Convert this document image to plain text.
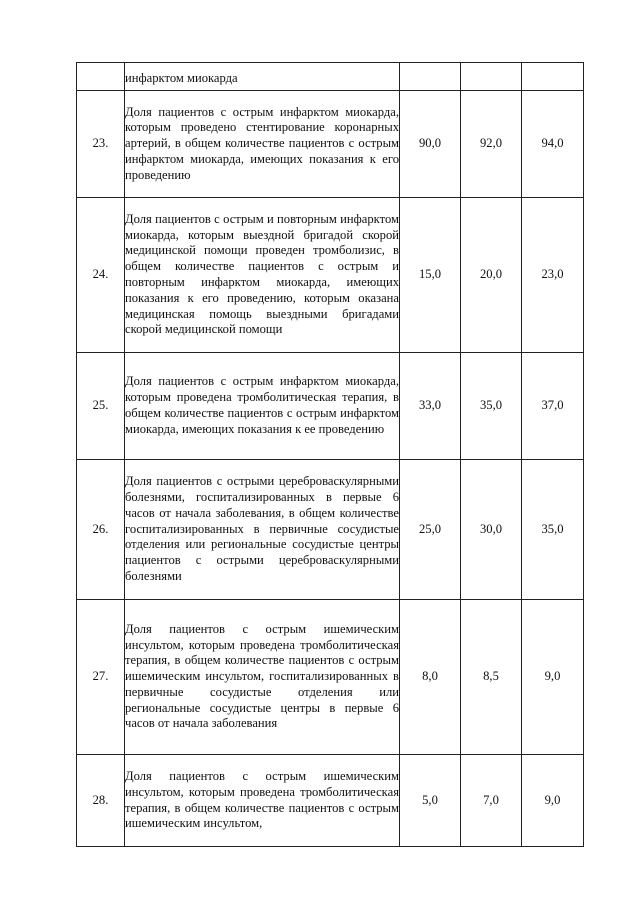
	инфарктом миокарда			

23.	Доля пациентов с острым инфарктом миокарда, которым проведено стентирование коронарных артерий, в общем количестве пациентов с острым инфарктом миокарда, имеющих показания к его проведению	90,0	92,0	94,0
24.	Доля пациентов с острым и повторным инфарктом миокарда, которым выездной бригадой скорой медицинской помощи проведен тромболизис, в общем количестве пациентов с острым и повторным инфарктом миокарда, имеющих показания к его проведению, которым оказана медицинская помощь выездными бригадами скорой медицинской помощи	15,0	20,0	23,0
25.	Доля пациентов с острым инфарктом миокарда, которым проведена тромболитическая терапия, в общем количестве пациентов с острым инфарктом миокарда, имеющих показания к ее проведению	33,0	35,0	37,0
26.	Доля пациентов с острыми цереброваскулярными болезнями, госпитализированных в первые 6 часов от начала заболевания, в общем количестве госпитализированных в первичные сосудистые отделения или региональные сосудистые центры пациентов с острыми цереброваскулярными болезнями	25,0	30,0	35,0
27.	Доля пациентов с острым ишемическим инсультом, которым проведена тромболитическая терапия, в общем количестве пациентов с острым ишемическим инсультом, госпитализированных в первичные сосудистые отделения или региональные сосудистые центры в первые 6 часов от начала заболевания	8,0	8,5	9,0
28.	Доля пациентов с острым ишемическим инсультом, которым проведена тромболитическая терапия, в общем количестве пациентов с острым ишемическим инсультом,	5,0	7,0	9,0
